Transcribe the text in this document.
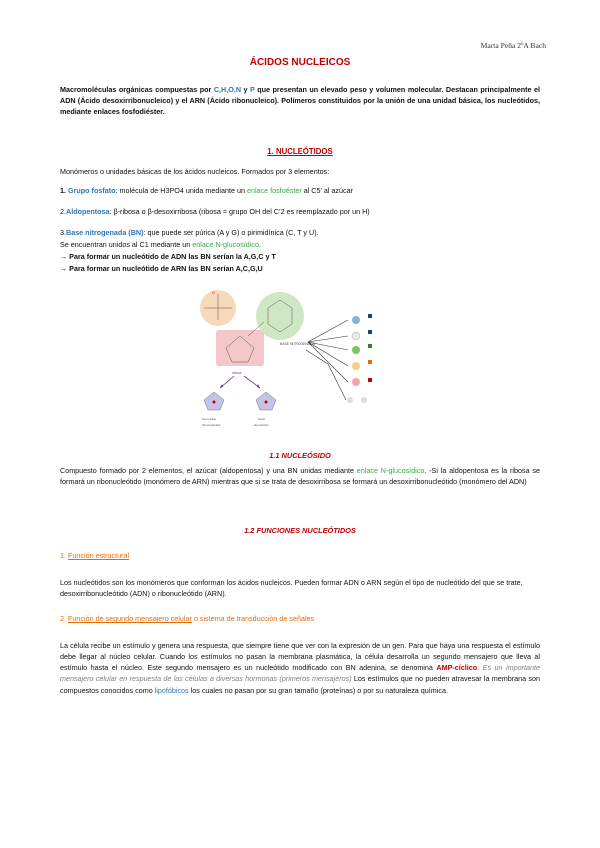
Marta Peña 2ºA Bach
ÁCIDOS NUCLEICOS
Macromoléculas orgánicas compuestas por C,H,O,N y P que presentan un elevado peso y volumen molecular. Destacan principalmente el ADN (Ácido desoxirribonucleico) y el ARN (Ácido ribonucleico). Polímeros constituidos por la unión de una unidad básica, los nucleótidos, mediante enlaces fosfodiéster.
1. NUCLEÓTIDOS
Monómeros o unidades básicas de los ácidos nucleicos. Formados por 3 elementos:
1. Grupo fosfato: molécula de H3PO4 unida mediante un enlace fosfoéster al C5’ al azúcar
2.Aldopentosa: β-ribosa o β-desoxirribosa (ribosa = grupo OH del C’2 es reemplazado por un H)
3.Base nitrogenada (BN): que puede ser púrica (A y G) o pirimidínica (C, T y U).
Se encuentran unidos al C1 mediante un enlace N-glucosídico.
→ Para formar un nucleótido de ADN las BN serían la A,G,C y T
→ Para formar un nucleótido de ARN las BN serían A,C,G,U
O
BASE NITROGENADA
ribosa
Sona base
ribonucleótido
Sosa
desoxirribo
1.1 NUCLEÓSIDO
Compuesto formado por 2 elementos, el azúcar (aldopentosa) y una BN unidas mediante enlace N-glucosídico. -Si la aldopentosa es la ribosa se formará un ribonucleótido (monómero de ARN) mientras que si se trata de desoxirribosa se formará un desoxirribonucleótido (monómero del ADN)
1.2 FUNCIONES NUCLEÓTIDOS
1. Función estructural
Los nucleótidos son los monómeros que conforman los ácidos nucleicos. Pueden formar ADN o ARN según el tipo de nucleótido del que se trate, desoxirribonucleótido (ADN) o ribonucleótido (ARN).
2. Función de segundo mensajero celular o sistema de transducción de señales
La célula recibe un estímulo y genera una respuesta, que siempre tiene que ver con la expresión de un gen. Para que haya una respuesta el estímulo debe llegar al núcleo celular. Cuando los estímulos no pasan la membrana plasmática, la célula desarrolla un segundo mensajero que lleva al estímulo hasta el núcleo. Este segundo mensajero es un nucleótido modificado con BN adenina, se denomina AMP-cíclico. Es un importante mensajero celular en respuesta de las células a diversas hormonas (primeros mensajeros) Los estímulos que no pueden atravesar la membrana son compuestos conocidos como lipofóbicos los cuales no pasan por su gran tamaño (proteínas) o por su naturaleza química.
